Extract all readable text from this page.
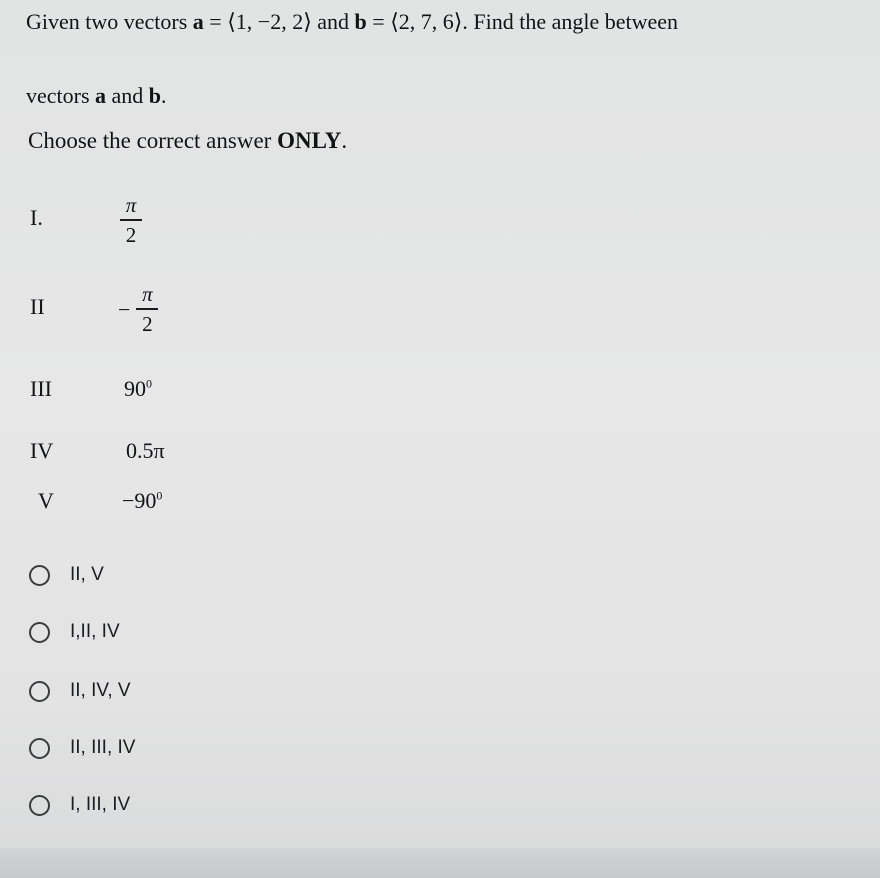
Given two vectors a = ⟨1, −2, 2⟩ and b = ⟨2, 7, 6⟩. Find the angle between
vectors a and b.
Choose the correct answer ONLY.
I.	$\frac{\pi}{2}$
II	− $\frac{\pi}{2}$
III	$90^0$
IV	0.5π
V	$-90^0$
II, V
I,II, IV
II, IV, V
II, III, IV
I, III, IV
